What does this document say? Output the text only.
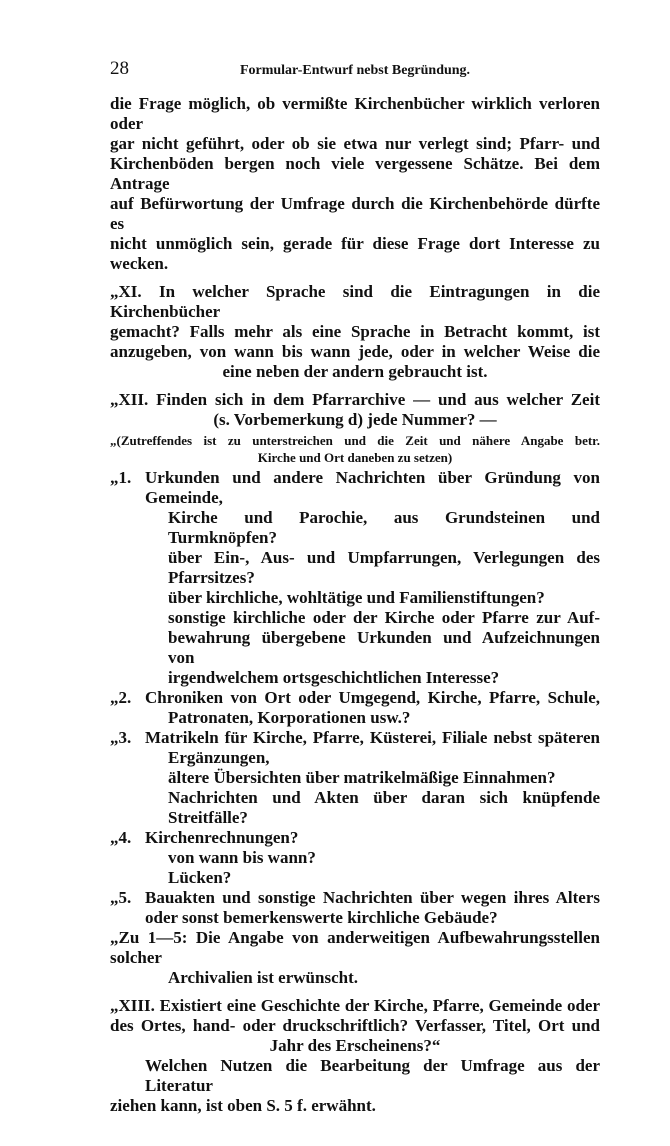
28	Formular-Entwurf nebst Begründung.
die Frage möglich, ob vermißte Kirchenbücher wirklich verloren oder
gar nicht geführt, oder ob sie etwa nur verlegt sind; Pfarr- und
Kirchenböden bergen noch viele vergessene Schätze. Bei dem Antrage
auf Befürwortung der Umfrage durch die Kirchenbehörde dürfte es
nicht unmöglich sein, gerade für diese Frage dort Interesse zu wecken.
„XI. In welcher Sprache sind die Eintragungen in die Kirchenbücher
gemacht? Falls mehr als eine Sprache in Betracht kommt, ist
anzugeben, von wann bis wann jede, oder in welcher Weise die
eine neben der andern gebraucht ist.
„XII. Finden sich in dem Pfarrarchive — und aus welcher Zeit
(s. Vorbemerkung d) jede Nummer? —
„(Zutreffendes ist zu unterstreichen und die Zeit und nähere Angabe betr.
Kirche und Ort daneben zu setzen)
„1. Urkunden und andere Nachrichten über Gründung von Gemeinde,
Kirche und Parochie, aus Grundsteinen und Turmknöpfen?
über Ein-, Aus- und Umpfarrungen, Verlegungen des
Pfarrsitzes?
über kirchliche, wohltätige und Familienstiftungen?
sonstige kirchliche oder der Kirche oder Pfarre zur Auf-
bewahrung übergebene Urkunden und Aufzeichnungen von
irgendwelchem ortsgeschichtlichen Interesse?
„2. Chroniken von Ort oder Umgegend, Kirche, Pfarre, Schule,
Patronaten, Korporationen usw.?
„3. Matrikeln für Kirche, Pfarre, Küsterei, Filiale nebst späteren
Ergänzungen,
ältere Übersichten über matrikelmäßige Einnahmen?
Nachrichten und Akten über daran sich knüpfende Streitfälle?
„4. Kirchenrechnungen?
von wann bis wann?
Lücken?
„5. Bauakten und sonstige Nachrichten über wegen ihres Alters
oder sonst bemerkenswerte kirchliche Gebäude?
„Zu 1—5: Die Angabe von anderweitigen Aufbewahrungsstellen solcher
Archivalien ist erwünscht.
„XIII. Existiert eine Geschichte der Kirche, Pfarre, Gemeinde oder
des Ortes, hand- oder druckschriftlich? Verfasser, Titel, Ort und
Jahr des Erscheinens?“
Welchen Nutzen die Bearbeitung der Umfrage aus der Literatur
ziehen kann, ist oben S. 5 f. erwähnt.
